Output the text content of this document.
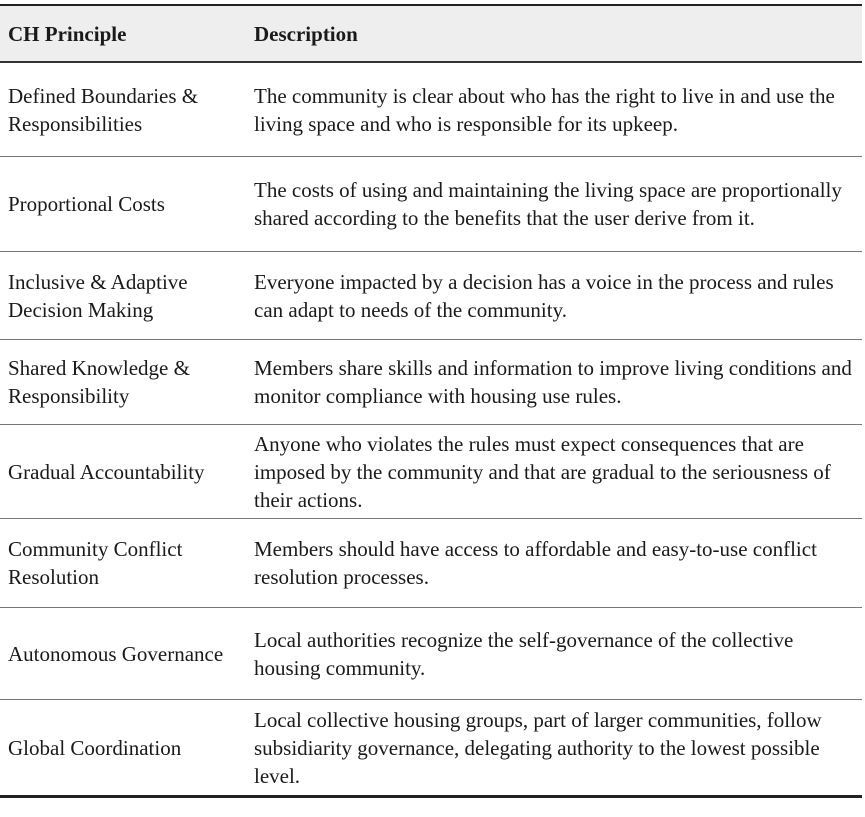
CH Principle	Description
Defined Boundaries & Responsibilities
The community is clear about who has the right to live in and use the living space and who is responsible for its upkeep.
Proportional Costs
The costs of using and maintaining the living space are proportionally shared according to the benefits that the user derive from it.
Inclusive & Adaptive Decision Making
Everyone impacted by a decision has a voice in the process and rules can adapt to needs of the community.
Shared Knowledge & Responsibility
Members share skills and information to improve living conditions and monitor compliance with housing use rules.
Gradual Accountability
Anyone who violates the rules must expect consequences that are imposed by the community and that are gradual to the seriousness of their actions.
Community Conflict Resolution
Members should have access to affordable and easy-to-use conflict resolution processes.
Autonomous Governance
Local authorities recognize the self-governance of the collective housing community.
Global Coordination
Local collective housing groups, part of larger communities, follow subsidiarity governance, delegating authority to the lowest possible level.
